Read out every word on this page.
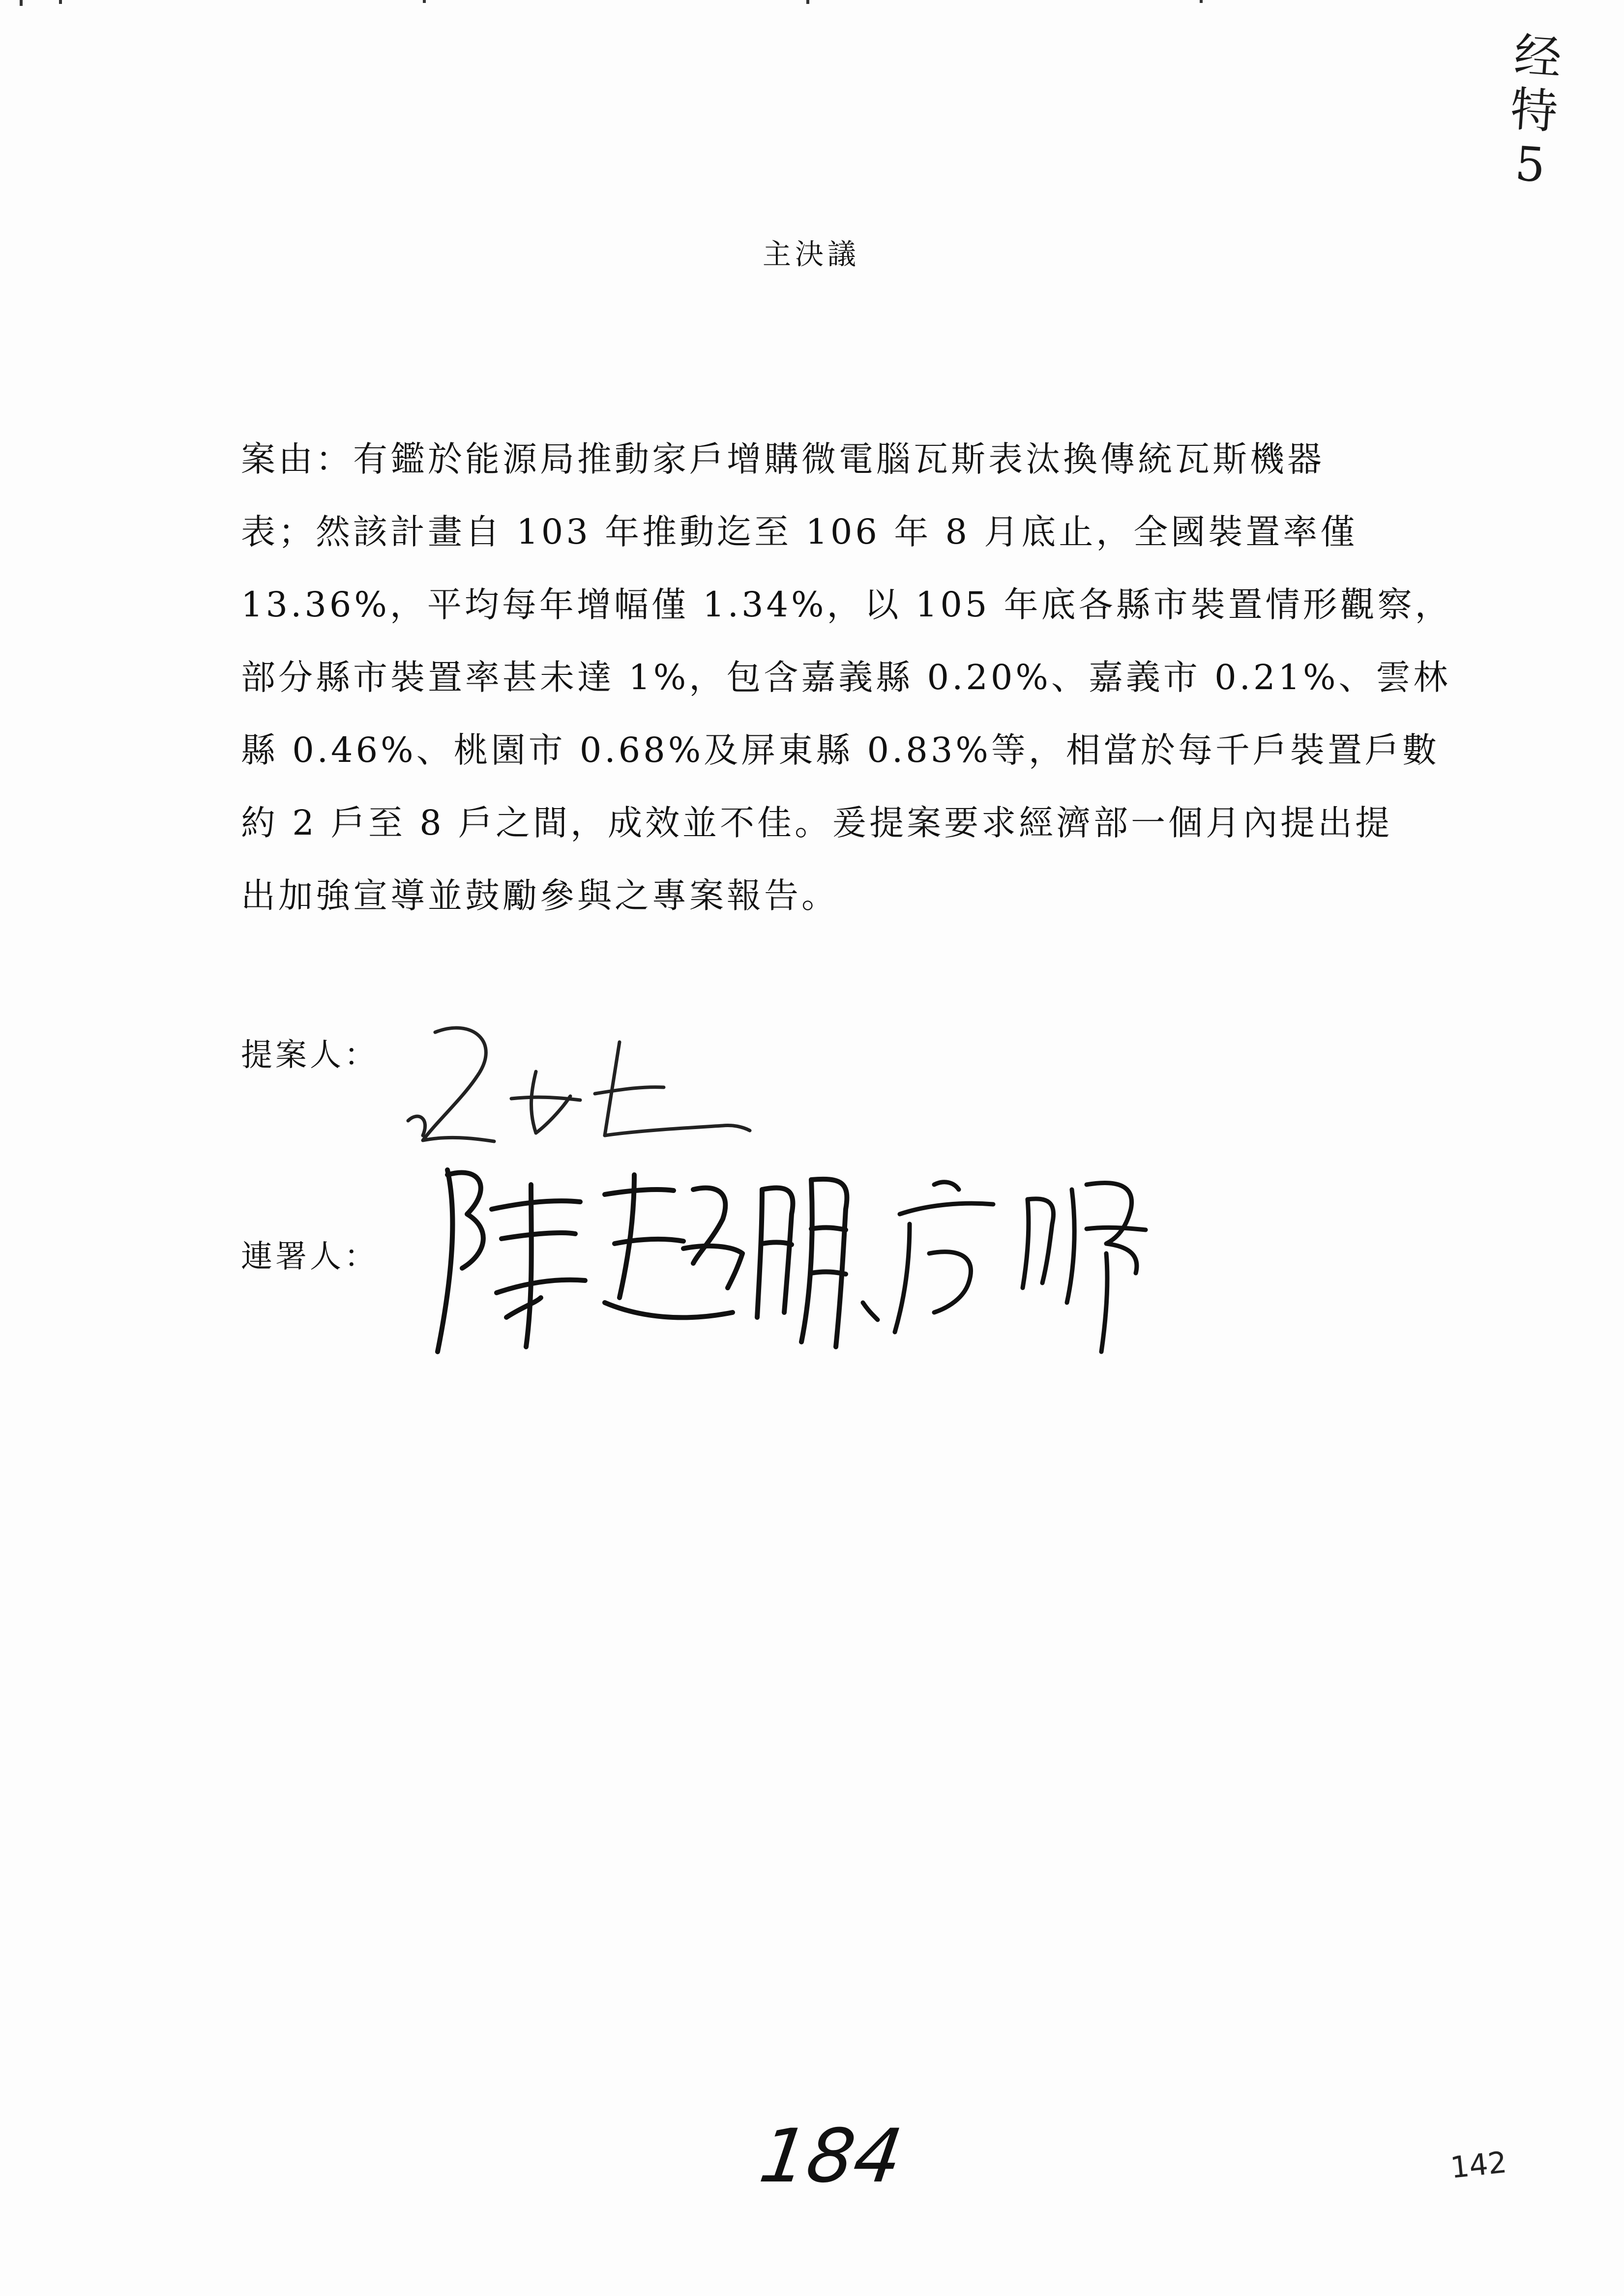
经
特
5
主決議
案由：有鑑於能源局推動家戶增購微電腦瓦斯表汰換傳統瓦斯機器
表；然該計畫自 103 年推動迄至 106 年 8 月底止，全國裝置率僅
13.36%，平均每年增幅僅 1.34%，以 105 年底各縣市裝置情形觀察，
部分縣市裝置率甚未達 1%，包含嘉義縣 0.20%、嘉義市 0.21%、雲林
縣 0.46%、桃園市 0.68%及屏東縣 0.83%等，相當於每千戶裝置戶數
約 2 戶至 8 戶之間，成效並不佳。爰提案要求經濟部一個月內提出提
出加強宣導並鼓勵參與之專案報告。
提案人：
連署人：
184	142
